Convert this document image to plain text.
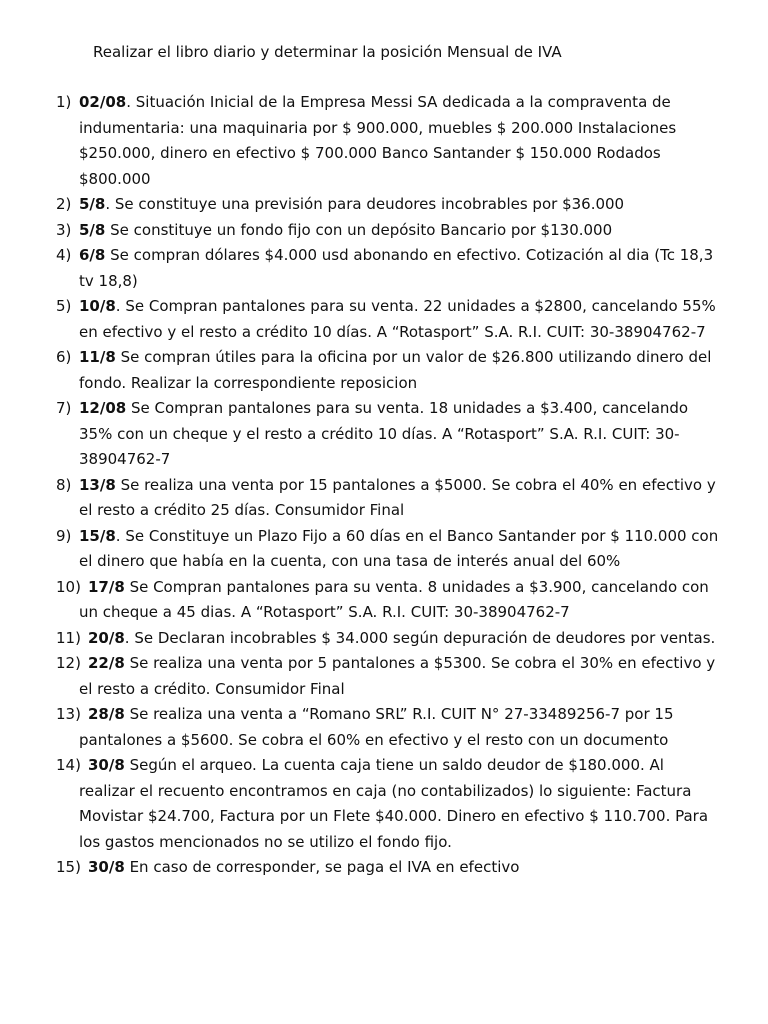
Realizar el libro diario y determinar la posición Mensual de IVA
1) 02/08. Situación Inicial de la Empresa Messi SA dedicada a la compraventa de indumentaria: una maquinaria por $ 900.000, muebles $ 200.000 Instalaciones $250.000, dinero en efectivo $ 700.000 Banco Santander $ 150.000 Rodados $800.000
2) 5/8. Se constituye una previsión para deudores incobrables por $36.000
3) 5/8 Se constituye un fondo fijo con un depósito Bancario por $130.000
4) 6/8 Se compran dólares $4.000 usd abonando en efectivo. Cotización al dia (Tc 18,3 tv 18,8)
5) 10/8. Se Compran pantalones para su venta. 22 unidades a $2800, cancelando 55% en efectivo y el resto a crédito 10 días. A “Rotasport” S.A. R.I. CUIT: 30-38904762-7
6) 11/8 Se compran útiles para la oficina por un valor de $26.800 utilizando dinero del fondo. Realizar la correspondiente reposicion
7) 12/08 Se Compran pantalones para su venta. 18 unidades a $3.400, cancelando 35% con un cheque y el resto a crédito 10 días. A “Rotasport” S.A. R.I. CUIT: 30-38904762-7
8) 13/8 Se realiza una venta por 15 pantalones a $5000. Se cobra el 40% en efectivo y el resto a crédito 25 días. Consumidor Final
9) 15/8. Se Constituye un Plazo Fijo a 60 días en el Banco Santander por $ 110.000 con el dinero que había en la cuenta, con una tasa de interés anual del 60%
10) 17/8 Se Compran pantalones para su venta. 8 unidades a $3.900, cancelando con un cheque a 45 dias. A “Rotasport” S.A. R.I. CUIT: 30-38904762-7
11) 20/8. Se Declaran incobrables $ 34.000 según depuración de deudores por ventas.
12) 22/8 Se realiza una venta por 5 pantalones a $5300. Se cobra el 30% en efectivo y el resto a crédito. Consumidor Final
13) 28/8 Se realiza una venta a “Romano SRL” R.I. CUIT N° 27-33489256-7 por 15 pantalones a $5600. Se cobra el 60% en efectivo y el resto con un documento
14) 30/8 Según el arqueo. La cuenta caja tiene un saldo deudor de $180.000. Al realizar el recuento encontramos en caja (no contabilizados) lo siguiente: Factura Movistar $24.700, Factura por un Flete $40.000. Dinero en efectivo $ 110.700. Para los gastos mencionados no se utilizo el fondo fijo.
15) 30/8 En caso de corresponder, se paga el IVA en efectivo
